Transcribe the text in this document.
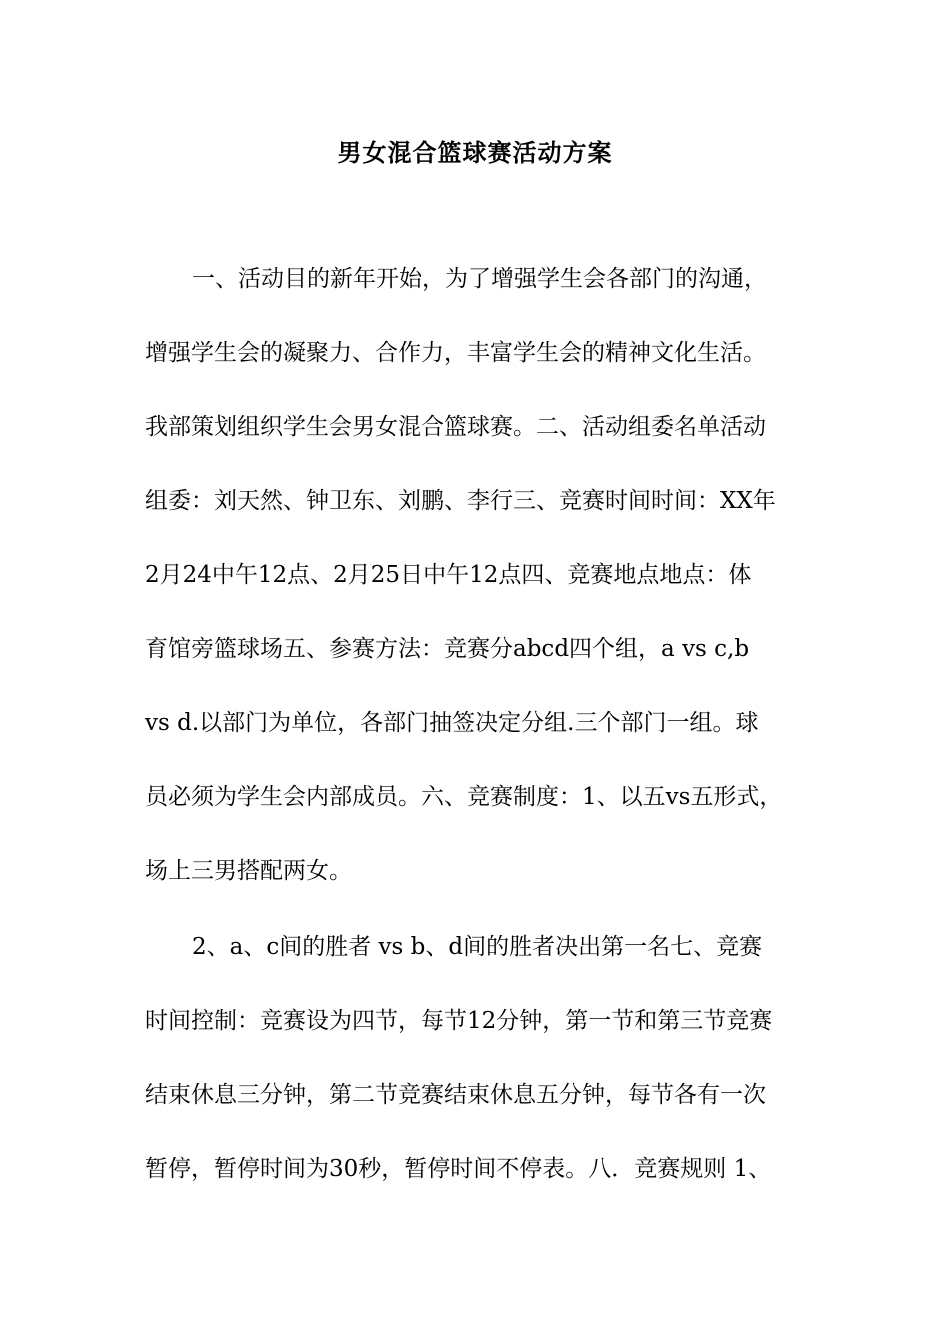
男女混合篮球赛活动方案

一、活动目的新年开始，为了增强学生会各部门的沟通，

增强学生会的凝聚力、合作力，丰富学生会的精神文化生活。

我部策划组织学生会男女混合篮球赛。二、活动组委名单活动

组委：刘天然、钟卫东、刘鹏、李行三、竞赛时间时间：XX年

2月24中午12点、2月25日中午12点四、竞赛地点地点：体

育馆旁篮球场五、参赛方法：竞赛分abcd四个组，a vs c,b

vs d.以部门为单位，各部门抽签决定分组.三个部门一组。球

员必须为学生会内部成员。六、竞赛制度：1、以五vs五形式，

场上三男搭配两女。

2、a、c间的胜者 vs b、d间的胜者决出第一名七、竞赛

时间控制：竞赛设为四节，每节12分钟，第一节和第三节竞赛

结束休息三分钟，第二节竞赛结束休息五分钟，每节各有一次

暂停，暂停时间为30秒，暂停时间不停表。八．竞赛规则 1、
